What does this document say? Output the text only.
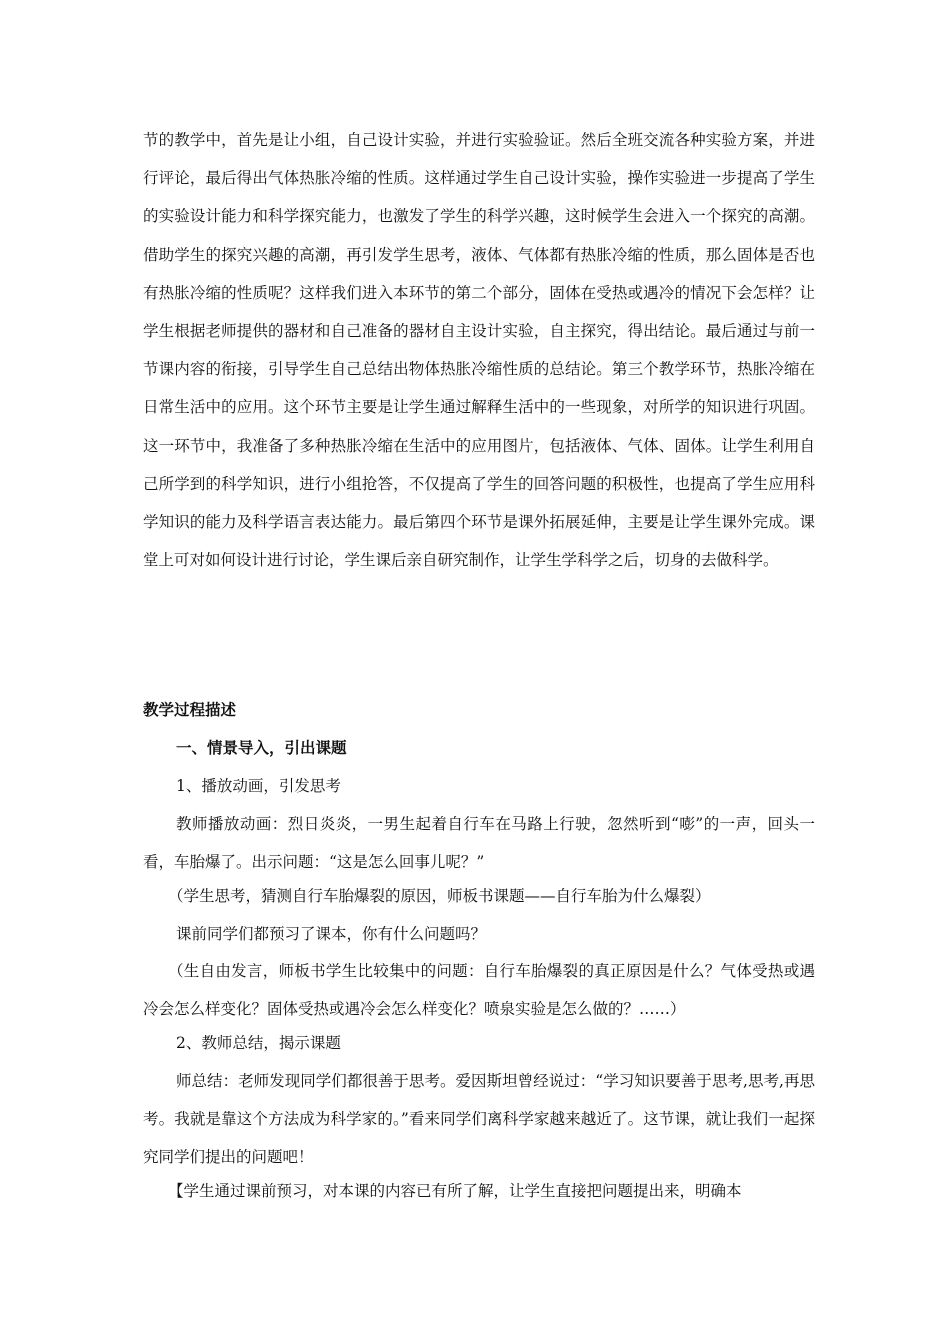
节的教学中，首先是让小组，自己设计实验，并进行实验验证。然后全班交流各种实验方案，并进行评论，最后得出气体热胀冷缩的性质。这样通过学生自己设计实验，操作实验进一步提高了学生的实验设计能力和科学探究能力，也激发了学生的科学兴趣，这时候学生会进入一个探究的高潮。借助学生的探究兴趣的高潮，再引发学生思考，液体、气体都有热胀冷缩的性质，那么固体是否也有热胀冷缩的性质呢？这样我们进入本环节的第二个部分，固体在受热或遇冷的情况下会怎样？让学生根据老师提供的器材和自己准备的器材自主设计实验，自主探究，得出结论。最后通过与前一节课内容的衔接，引导学生自己总结出物体热胀冷缩性质的总结论。第三个教学环节，热胀冷缩在日常生活中的应用。这个环节主要是让学生通过解释生活中的一些现象，对所学的知识进行巩固。这一环节中，我准备了多种热胀冷缩在生活中的应用图片，包括液体、气体、固体。让学生利用自己所学到的科学知识，进行小组抢答，不仅提高了学生的回答问题的积极性，也提高了学生应用科学知识的能力及科学语言表达能力。最后第四个环节是课外拓展延伸，主要是让学生课外完成。课堂上可对如何设计进行讨论，学生课后亲自研究制作，让学生学科学之后，切身的去做科学。

教学过程描述

一、情景导入，引出课题

1、播放动画，引发思考

教师播放动画：烈日炎炎，一男生起着自行车在马路上行驶，忽然听到“嘭”的一声，回头一看，车胎爆了。出示问题：“这是怎么回事儿呢？”

（学生思考，猜测自行车胎爆裂的原因，师板书课题——自行车胎为什么爆裂）

课前同学们都预习了课本，你有什么问题吗？

（生自由发言，师板书学生比较集中的问题：自行车胎爆裂的真正原因是什么？气体受热或遇冷会怎么样变化？固体受热或遇冷会怎么样变化？喷泉实验是怎么做的？……）

2、教师总结，揭示课题

师总结：老师发现同学们都很善于思考。爱因斯坦曾经说过：“学习知识要善于思考,思考,再思考。我就是靠这个方法成为科学家的。”看来同学们离科学家越来越近了。这节课，就让我们一起探究同学们提出的问题吧！

【学生通过课前预习，对本课的内容已有所了解，让学生直接把问题提出来，明确本
